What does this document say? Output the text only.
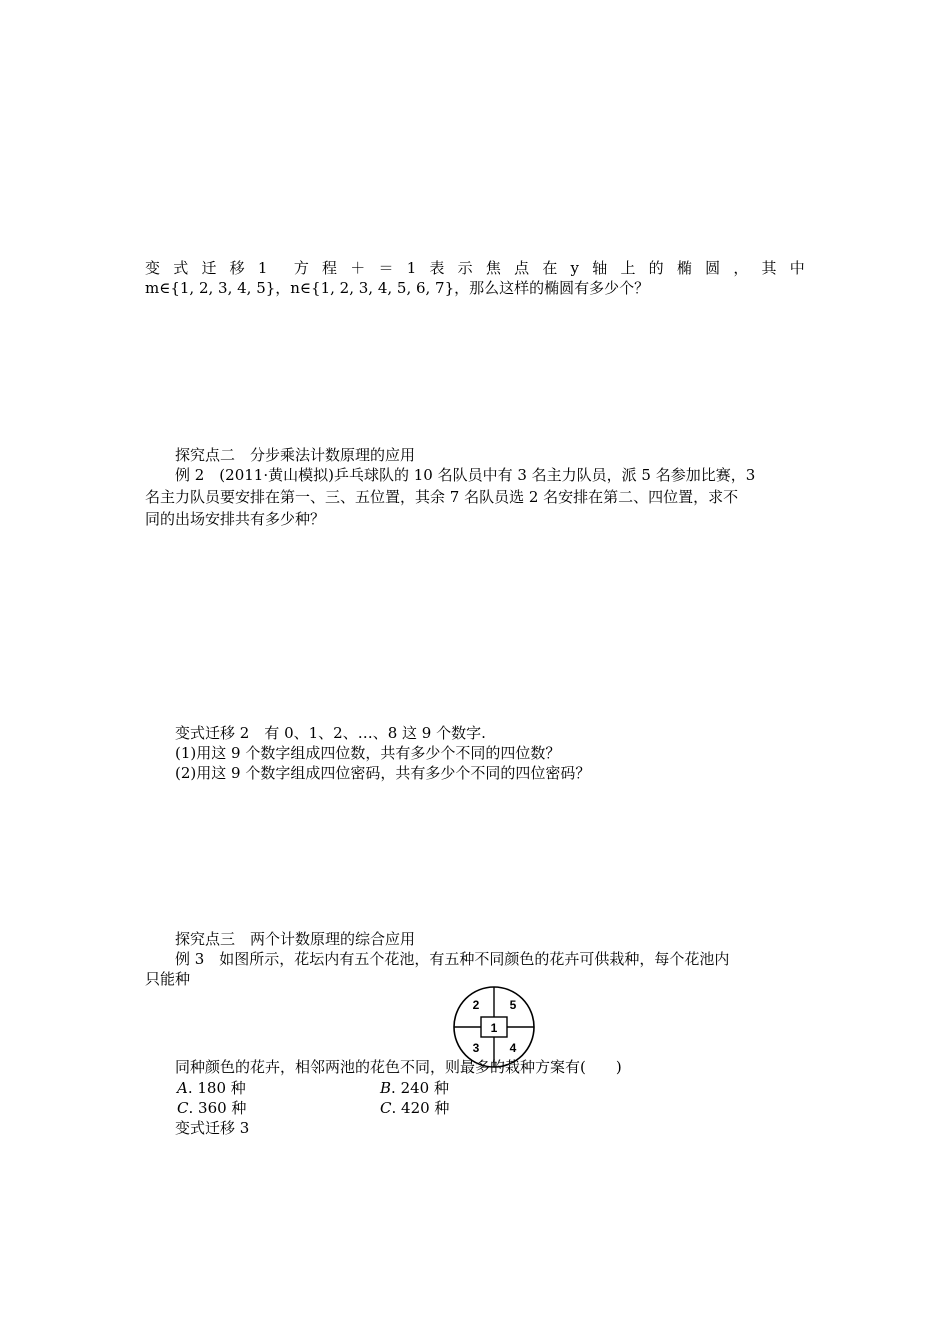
变 式 迁 移 1 方 程 ＋ ＝ 1 表 示 焦 点 在 y 轴 上 的 椭 圆 ， 其 中
m∈{1, 2, 3, 4, 5}，n∈{1, 2, 3, 4, 5, 6, 7}，那么这样的椭圆有多少个？
探究点二　分步乘法计数原理的应用
例 2　(2011·黄山模拟)乒乓球队的 10 名队员中有 3 名主力队员，派 5 名参加比赛，3
名主力队员要安排在第一、三、五位置，其余 7 名队员选 2 名安排在第二、四位置，求不
同的出场安排共有多少种？
变式迁移 2　有 0、1、2、…、8 这 9 个数字.
(1)用这 9 个数字组成四位数，共有多少个不同的四位数？
(2)用这 9 个数字组成四位密码，共有多少个不同的四位密码？
探究点三　两个计数原理的综合应用
例 3　如图所示，花坛内有五个花池，有五种不同颜色的花卉可供栽种，每个花池内
只能种
1
2
3	4
5
同种颜色的花卉，相邻两池的花色不同，则最多的栽种方案有(　　)
A. 180 种	B. 240 种
C. 360 种	C. 420 种
变式迁移 3
